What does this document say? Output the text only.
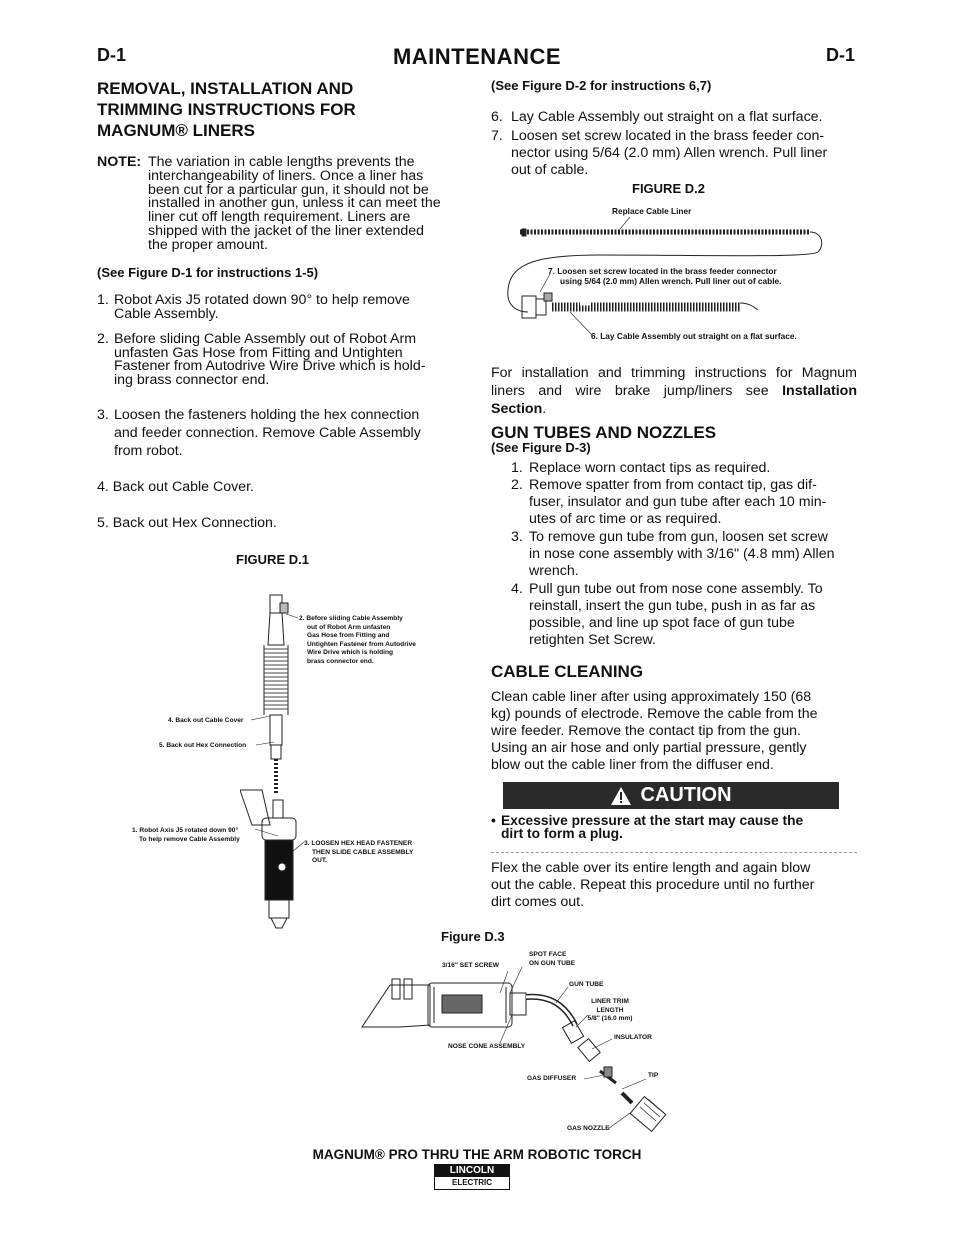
D-1	MAINTENANCE	D-1
REMOVAL, INSTALLATION AND
TRIMMING INSTRUCTIONS FOR
MAGNUM® LINERS
NOTE: The variation in cable lengths prevents the
interchangeability of liners. Once a liner has
been cut for a particular gun, it should not be
installed in another gun, unless it can meet the
liner cut off length requirement. Liners are
shipped with the jacket of the liner extended
the proper amount.
(See Figure D-1 for instructions 1-5)
1. Robot Axis J5 rotated down 90° to help remove
Cable Assembly.
2. Before sliding Cable Assembly out of Robot Arm
unfasten Gas Hose from Fitting and Untighten
Fastener from Autodrive Wire Drive which is hold-
ing brass connector end.
3. Loosen the fasteners holding the hex connection
and feeder connection. Remove Cable Assembly
from robot.
4. Back out Cable Cover.
5. Back out Hex Connection.
FIGURE D.1
2. Before sliding Cable Assembly
out of Robot Arm unfasten
Gas Hose from Fitting and
Untighten Fastener from Autodrive
Wire Drive which is holding
brass connector end.
4. Back out Cable Cover
5. Back out Hex Connection
1. Robot Axis J5 rotated down 90°
To help remove Cable Assembly
3. LOOSEN HEX HEAD FASTENER
THEN SLIDE CABLE ASSEMBLY
OUT.
(See Figure D-2 for instructions 6,7)
6. Lay Cable Assembly out straight on a flat surface.
7. Loosen set screw located in the brass feeder con-
nector using 5/64 (2.0 mm) Allen wrench. Pull liner
out of cable.
FIGURE D.2
Replace Cable Liner
7. Loosen set screw located in the brass feeder connector
using 5/64 (2.0 mm) Allen wrench. Pull liner out of cable.
6. Lay Cable Assembly out straight on a flat surface.
For installation and trimming instructions for Magnum liners and wire brake jump/liners see Installation Section.
GUN TUBES AND NOZZLES
(See Figure D-3)
1. Replace worn contact tips as required.
2. Remove spatter from from contact tip, gas dif-
fuser, insulator and gun tube after each 10 min-
utes of arc time or as required.
3. To remove gun tube from gun, loosen set screw
in nose cone assembly with 3/16" (4.8 mm) Allen
wrench.
4. Pull gun tube out from nose cone assembly. To
reinstall, insert the gun tube, push in as far as
possible, and line up spot face of gun tube
retighten Set Screw.
CABLE CLEANING
Clean cable liner after using approximately 150 (68
kg) pounds of electrode. Remove the cable from the
wire feeder. Remove the contact tip from the gun.
Using an air hose and only partial pressure, gently
blow out the cable liner from the diffuser end.
CAUTION
• Excessive pressure at the start may cause the
dirt to form a plug.
Flex the cable over its entire length and again blow
out the cable. Repeat this procedure until no further
dirt comes out.
Figure D.3
SPOT FACE
ON GUN TUBE
3/16" SET SCREW
GUN TUBE
LINER TRIM
LENGTH
5/8" (16.0 mm)
INSULATOR
NOSE CONE ASSEMBLY
TIP
GAS DIFFUSER
GAS NOZZLE
MAGNUM® PRO THRU THE ARM ROBOTIC TORCH
LINCOLN
ELECTRIC
